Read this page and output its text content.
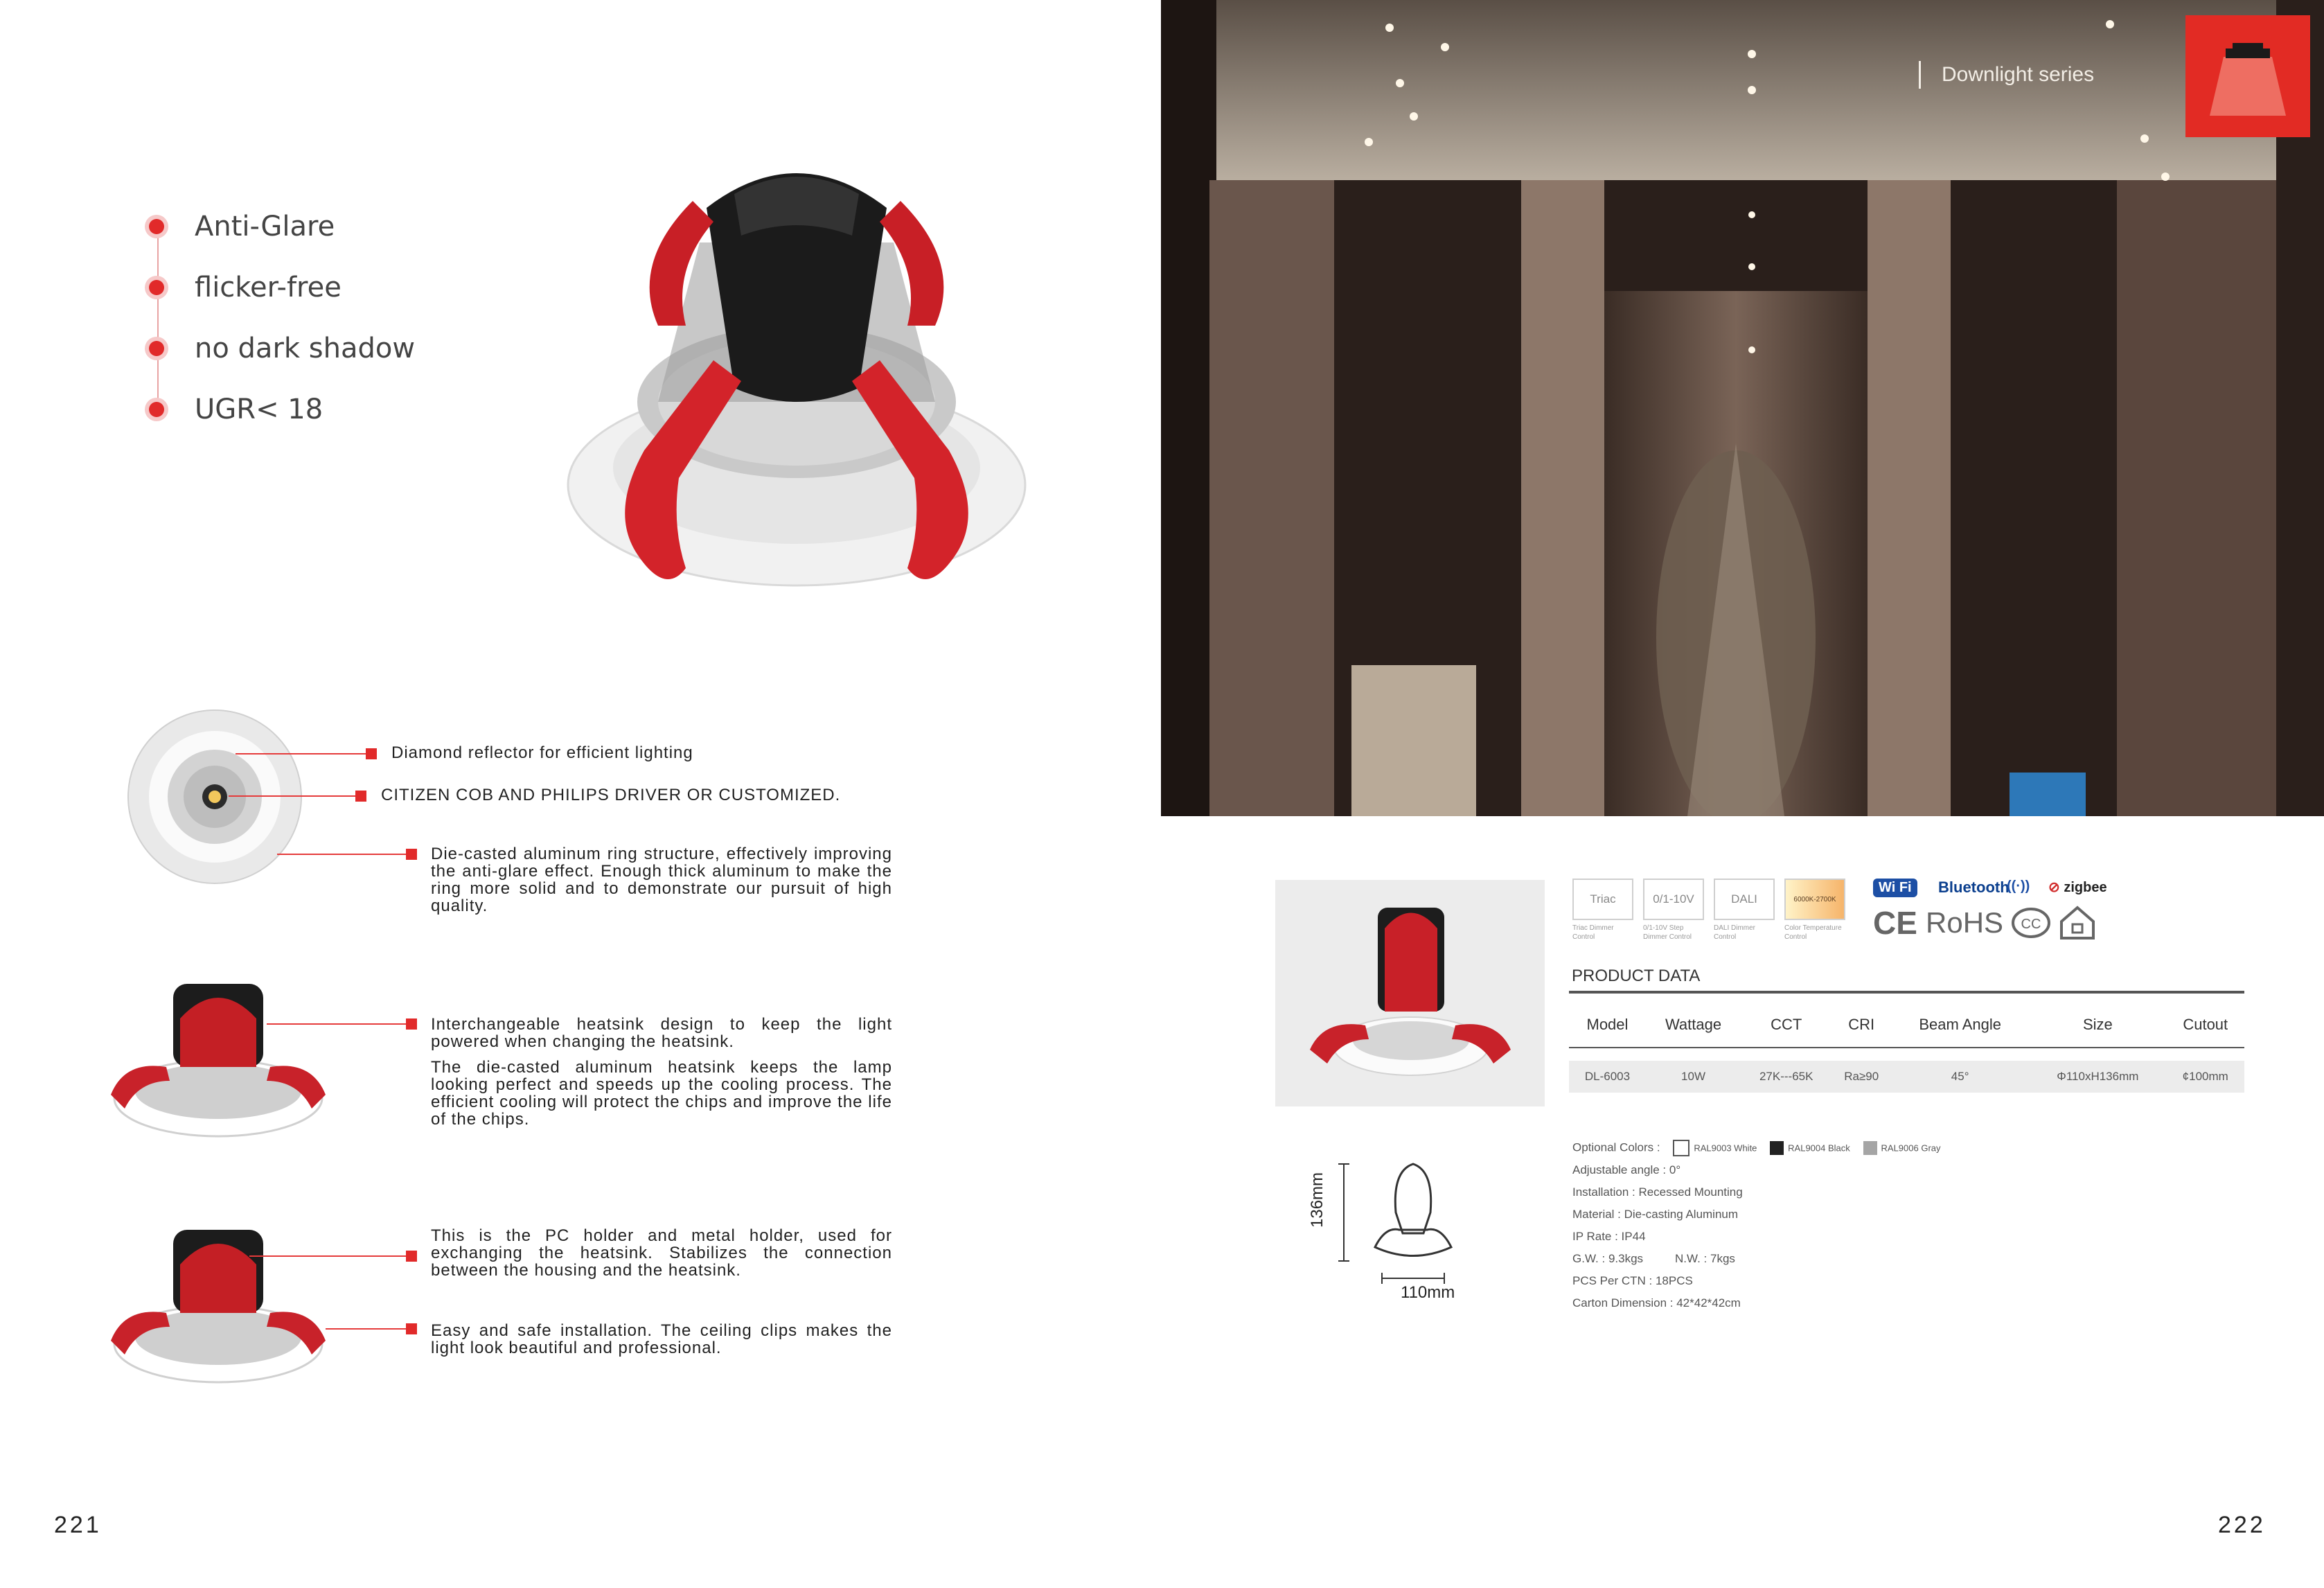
Anti-Glare
flicker-free
no dark shadow
UGR< 18
Diamond reflector for efficient lighting
CITIZEN COB AND PHILIPS DRIVER OR CUSTOMIZED.
Die-casted aluminum ring structure, effectively improving the anti-glare effect. Enough thick aluminum to make the ring more solid and to demonstrate our pursuit of high quality.
Interchangeable heatsink design to keep the light powered when changing the heatsink.
The die-casted aluminum heatsink keeps the lamp looking perfect and speeds up the cooling process. The efficient cooling will protect the chips and improve the life of the chips.
This is the PC holder and metal holder, used for exchanging the heatsink. Stabilizes the connection between the housing and the heatsink.
Easy and safe installation. The ceiling clips makes the light look beautiful and professional.
221
Downlight series
Triac
Triac Dimmer Control
0/1-10V
0/1-10V Step Dimmer Control
DALI
DALI Dimmer Control
6000K-2700K
Color Temperature Control
Wi Fi	Bluetooth
((·)) ⊘ zigbee
CE RoHS CC
PRODUCT DATA
Model	Wattage	CCT	CRI	Beam Angle	Size	Cutout
DL-6003	10W	27K---65K	Ra≥90	45°	Φ110xH136mm	¢100mm
136mm
110mm
Optional Colors :	RAL9003 White	RAL9004 Black	RAL9006 Gray
Adjustable angle : 0°
Installation : Recessed Mounting
Material : Die-casting Aluminum
IP Rate : IP44
G.W. : 9.3kgs	N.W. : 7kgs
PCS Per CTN : 18PCS
Carton Dimension : 42*42*42cm
222
